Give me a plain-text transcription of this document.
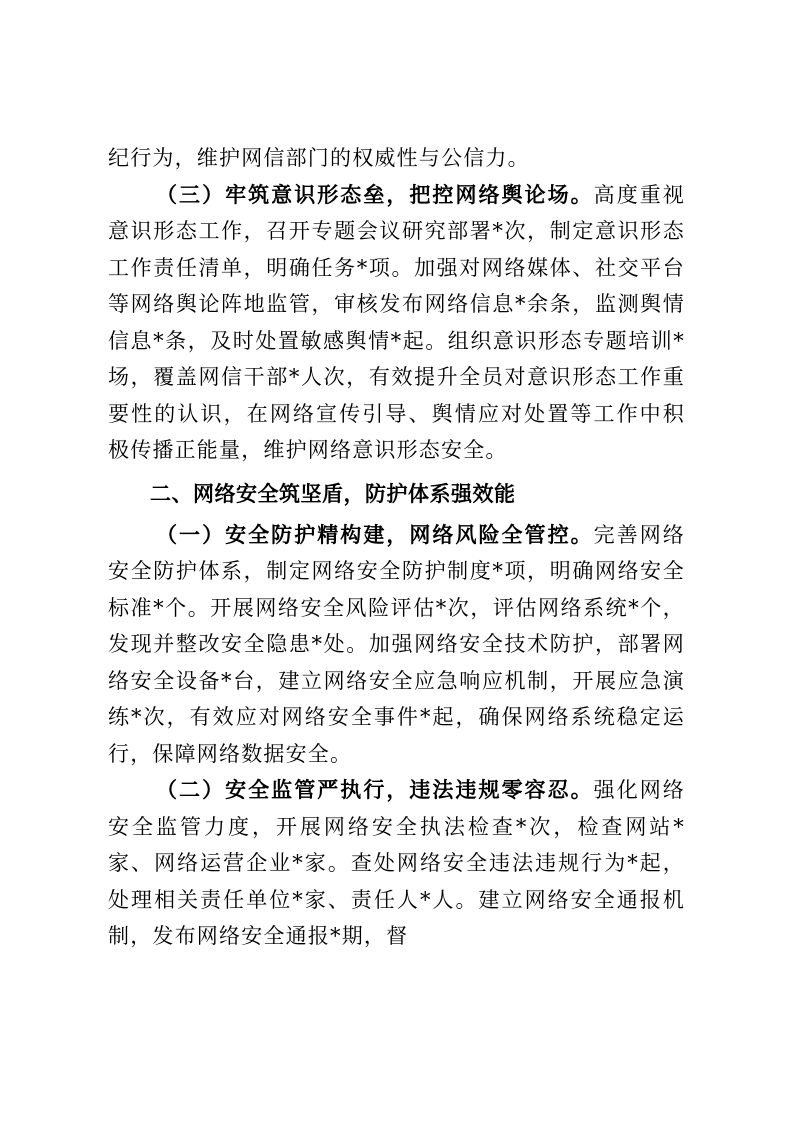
纪行为，维护网信部门的权威性与公信力。

（三）牢筑意识形态垒，把控网络舆论场。高度重视意识形态工作，召开专题会议研究部署*次，制定意识形态工作责任清单，明确任务*项。加强对网络媒体、社交平台等网络舆论阵地监管，审核发布网络信息*余条，监测舆情信息*条，及时处置敏感舆情*起。组织意识形态专题培训*场，覆盖网信干部*人次，有效提升全员对意识形态工作重要性的认识，在网络宣传引导、舆情应对处置等工作中积极传播正能量，维护网络意识形态安全。

二、网络安全筑坚盾，防护体系强效能

（一）安全防护精构建，网络风险全管控。完善网络安全防护体系，制定网络安全防护制度*项，明确网络安全标准*个。开展网络安全风险评估*次，评估网络系统*个，发现并整改安全隐患*处。加强网络安全技术防护，部署网络安全设备*台，建立网络安全应急响应机制，开展应急演练*次，有效应对网络安全事件*起，确保网络系统稳定运行，保障网络数据安全。

（二）安全监管严执行，违法违规零容忍。强化网络安全监管力度，开展网络安全执法检查*次，检查网站*家、网络运营企业*家。查处网络安全违法违规行为*起，处理相关责任单位*家、责任人*人。建立网络安全通报机制，发布网络安全通报*期，督
